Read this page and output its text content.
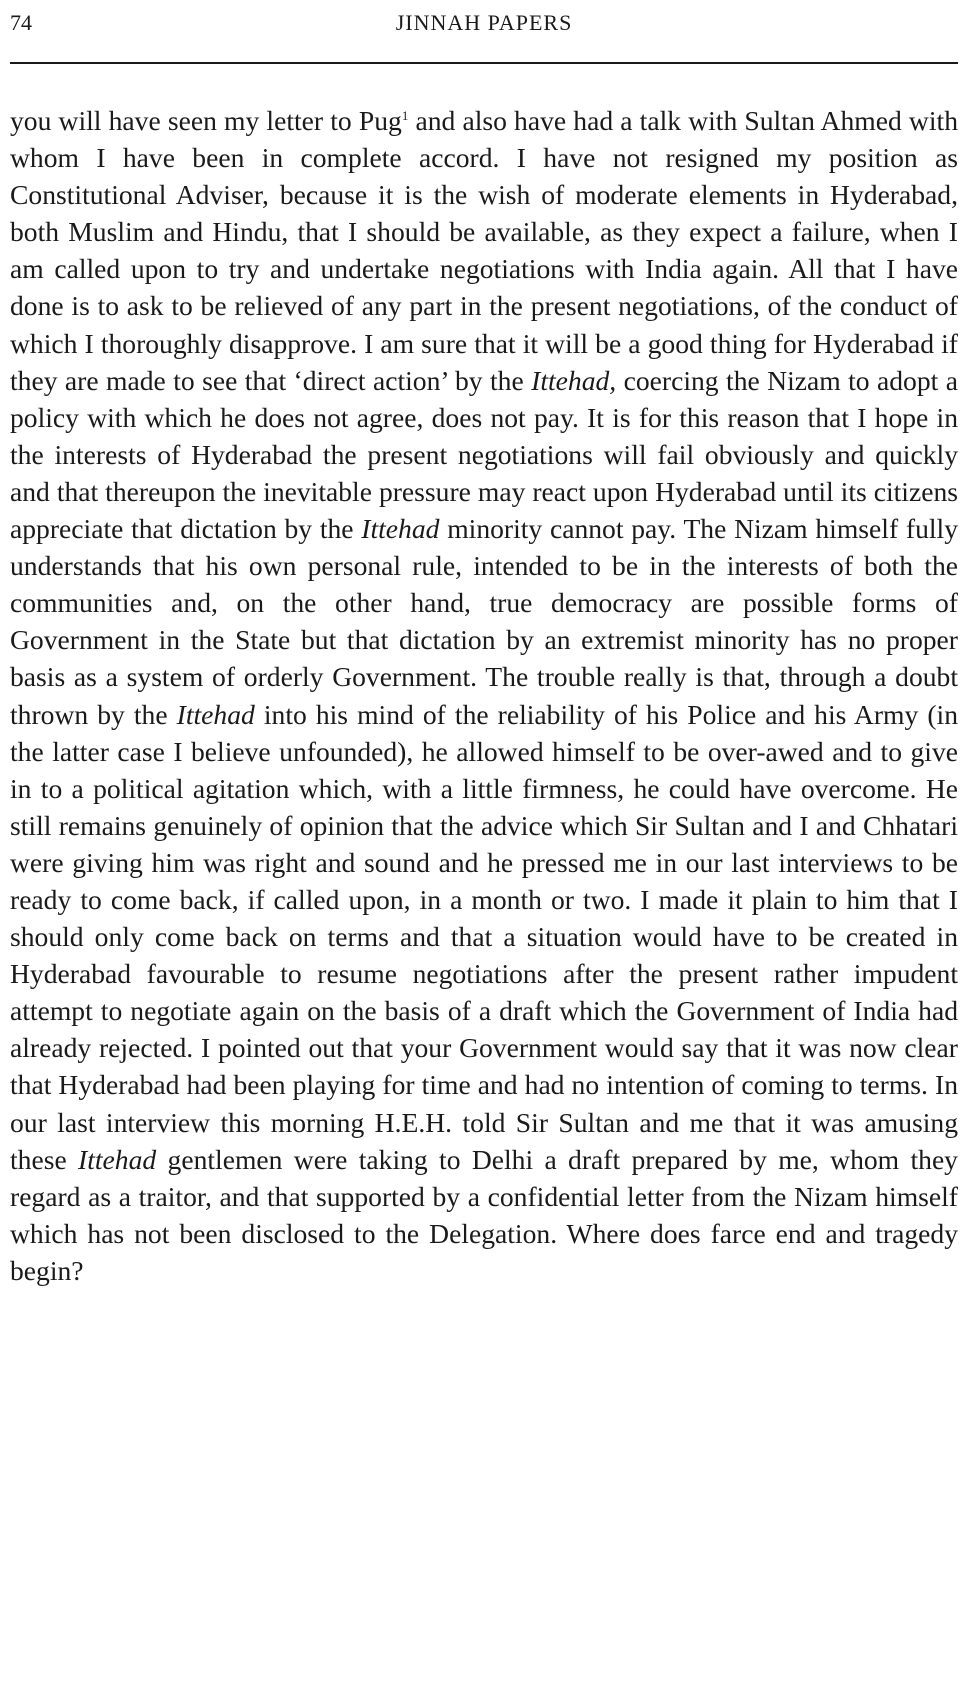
74	JINNAH PAPERS

you will have seen my letter to Pug$^1$ and also have had a talk with Sultan Ahmed with whom I have been in complete accord. I have not resigned my position as Constitutional Adviser, because it is the wish of moderate elements in Hyderabad, both Muslim and Hindu, that I should be available, as they expect a failure, when I am called upon to try and undertake negotiations with India again. All that I have done is to ask to be relieved of any part in the present negotiations, of the conduct of which I thoroughly disapprove. I am sure that it will be a good thing for Hyderabad if they are made to see that ‘direct action’ by the Ittehad, coercing the Nizam to adopt a policy with which he does not agree, does not pay. It is for this reason that I hope in the interests of Hyderabad the present negotiations will fail obviously and quickly and that thereupon the inevitable pressure may react upon Hyderabad until its citizens appreciate that dictation by the Ittehad minority cannot pay. The Nizam himself fully understands that his own personal rule, intended to be in the interests of both the communities and, on the other hand, true democracy are possible forms of Government in the State but that dictation by an extremist minority has no proper basis as a system of orderly Government. The trouble really is that, through a doubt thrown by the Ittehad into his mind of the reliability of his Police and his Army (in the latter case I believe unfounded), he allowed himself to be over-awed and to give in to a political agitation which, with a little firmness, he could have overcome. He still remains genuinely of opinion that the advice which Sir Sultan and I and Chhatari were giving him was right and sound and he pressed me in our last interviews to be ready to come back, if called upon, in a month or two. I made it plain to him that I should only come back on terms and that a situation would have to be created in Hyderabad favourable to resume negotiations after the present rather impudent attempt to negotiate again on the basis of a draft which the Government of India had already rejected. I pointed out that your Government would say that it was now clear that Hyderabad had been playing for time and had no intention of coming to terms. In our last interview this morning H.E.H. told Sir Sultan and me that it was amusing these Ittehad gentlemen were taking to Delhi a draft prepared by me, whom they regard as a traitor, and that supported by a confidential letter from the Nizam himself which has not been disclosed to the Delegation. Where does farce end and tragedy begin?
